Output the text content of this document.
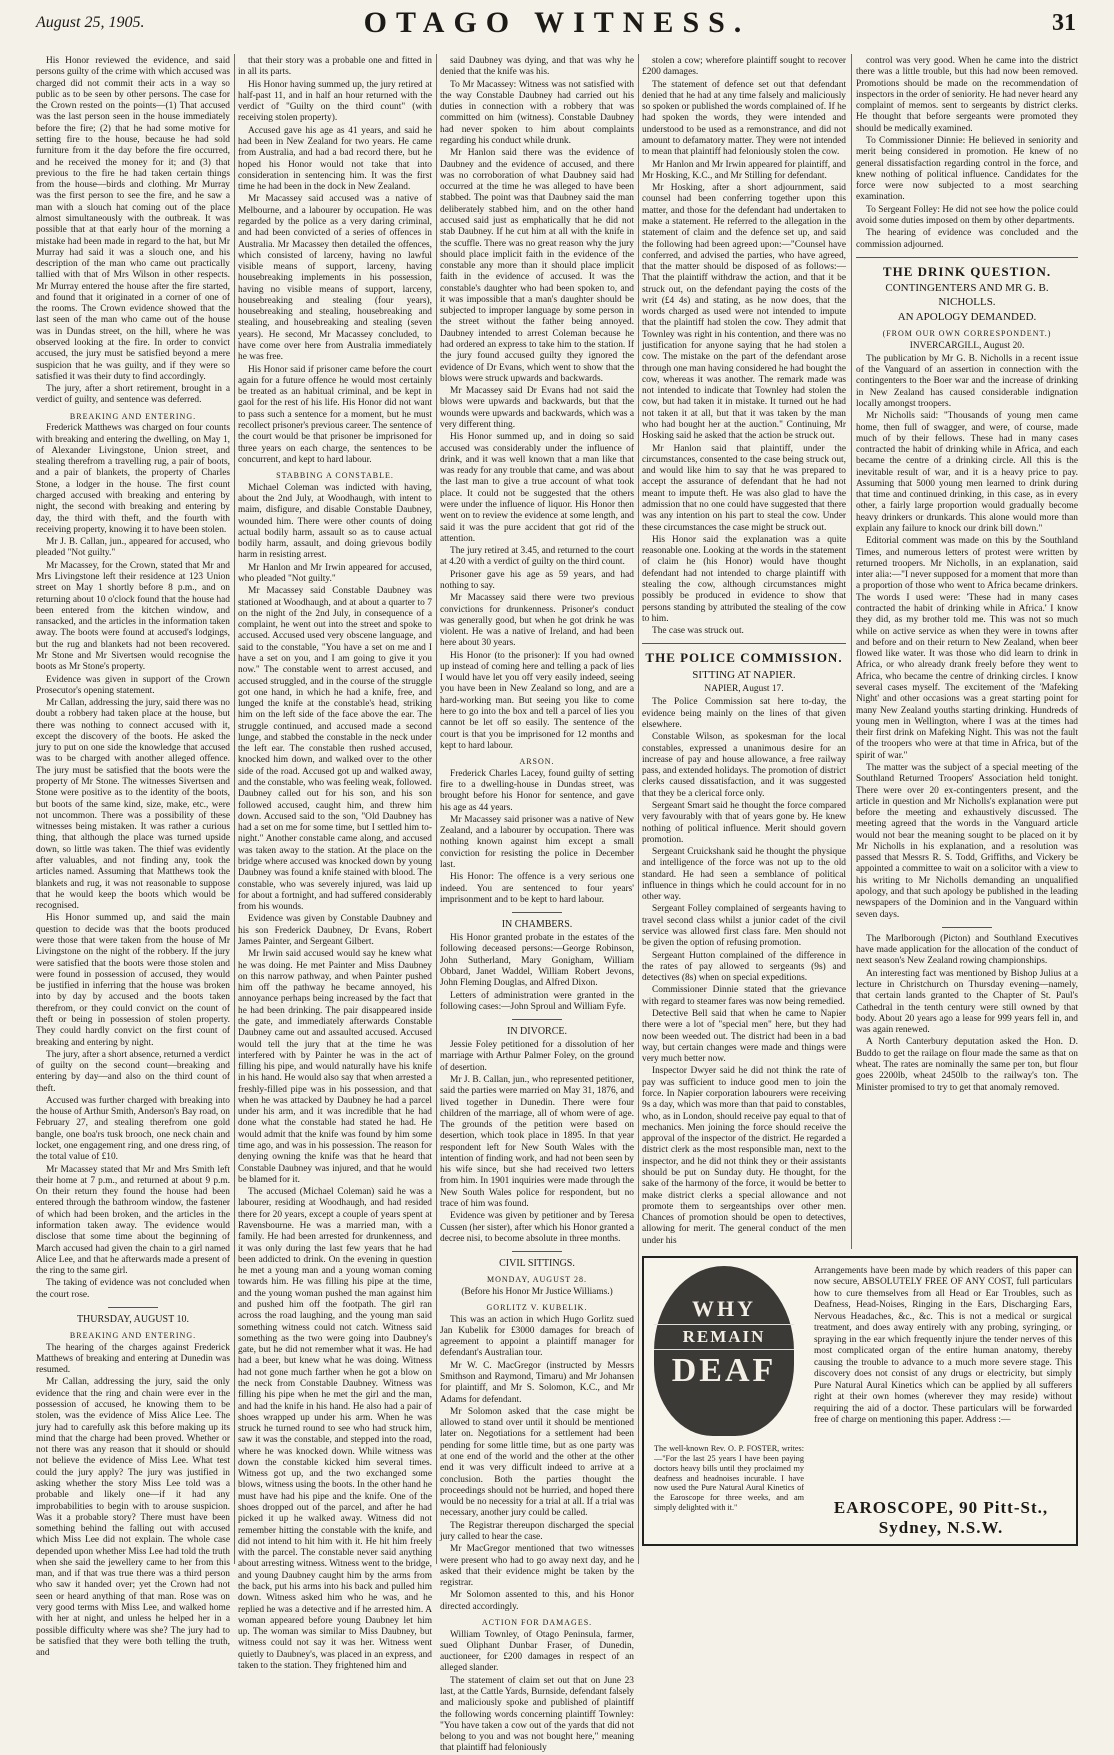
August 25, 1905.	OTAGO WITNESS.	31

His Honor reviewed the evidence, and said persons guilty of the crime with which accused was charged did not commit their acts in a way so public as to be seen by other persons. The case for the Crown rested on the points—(1) That accused was the last person seen in the house immediately before the fire; (2) that he had some motive for setting fire to the house, because he had sold furniture from it the day before the fire occurred, and he received the money for it; and (3) that previous to the fire he had taken certain things from the house—birds and clothing. Mr Murray was the first person to see the fire, and he saw a man with a slouch hat coming out of the place almost simultaneously with the outbreak. It was possible that at that early hour of the morning a mistake had been made in regard to the hat, but Mr Murray had said it was a slouch one, and his description of the man who came out practically tallied with that of Mrs Wilson in other respects. Mr Murray entered the house after the fire started, and found that it originated in a corner of one of the rooms. The Crown evidence showed that the last seen of the man who came out of the house was in Dundas street, on the hill, where he was observed looking at the fire. In order to convict accused, the jury must be satisfied beyond a mere suspicion that he was guilty, and if they were so satisfied it was their duty to find accordingly.

The jury, after a short retirement, brought in a verdict of guilty, and sentence was deferred.

BREAKING AND ENTERING.

Frederick Matthews was charged on four counts with breaking and entering the dwelling, on May 1, of Alexander Livingstone, Union street, and stealing therefrom a travelling rug, a pair of boots, and a pair of blankets, the property of Charles Stone, a lodger in the house. The first count charged accused with breaking and entering by night, the second with breaking and entering by day, the third with theft, and the fourth with receiving property, knowing it to have been stolen.

Mr J. B. Callan, jun., appeared for accused, who pleaded "Not guilty."

Mr Macassey, for the Crown, stated that Mr and Mrs Livingstone left their residence at 123 Union street on May 1 shortly before 8 p.m., and on returning about 10 o'clock found that the house had been entered from the kitchen window, and ransacked, and the articles in the information taken away. The boots were found at accused's lodgings, but the rug and blankets had not been recovered. Mr Stone and Mr Sivertsen would recognise the boots as Mr Stone's property.

Evidence was given in support of the Crown Prosecutor's opening statement.

Mr Callan, addressing the jury, said there was no doubt a robbery had taken place at the house, but there was nothing to connect accused with it, except the discovery of the boots. He asked the jury to put on one side the knowledge that accused was to be charged with another alleged offence. The jury must be satisfied that the boots were the property of Mr Stone. The witnesses Sivertsen and Stone were positive as to the identity of the boots, but boots of the same kind, size, make, etc., were not uncommon. There was a possibility of these witnesses being mistaken. It was rather a curious thing, that although the place was turned upside down, so little was taken. The thief was evidently after valuables, and not finding any, took the articles named. Assuming that Matthews took the blankets and rug, it was not reasonable to suppose that he would keep the boots which would be recognised.

His Honor summed up, and said the main question to decide was that the boots produced were those that were taken from the house of Mr Livingstone on the night of the robbery. If the jury were satisfied that the boots were those stolen and were found in possession of accused, they would be justified in inferring that the house was broken into by day by accused and the boots taken therefrom, or they could convict on the count of theft or being in possession of stolen property. They could hardly convict on the first count of breaking and entering by night.

The jury, after a short absence, returned a verdict of guilty on the second count—breaking and entering by day—and also on the third count of theft.

Accused was further charged with breaking into the house of Arthur Smith, Anderson's Bay road, on February 27, and stealing therefrom one gold bangle, one boa'rs tusk brooch, one neck chain and locket, one engagement ring, and one dress ring, of the total value of £10.

Mr Macassey stated that Mr and Mrs Smith left their home at 7 p.m., and returned at about 9 p.m. On their return they found the house had been entered through the bathroom window, the fastener of which had been broken, and the articles in the information taken away. The evidence would disclose that some time about the beginning of March accused had given the chain to a girl named Alice Lee, and that he afterwards made a present of the ring to the same girl.

The taking of evidence was not concluded when the court rose.

THURSDAY, AUGUST 10.
BREAKING AND ENTERING.

The hearing of the charges against Frederick Matthews of breaking and entering at Dunedin was resumed.

Mr Callan, addressing the jury, said the only evidence that the ring and chain were ever in the possession of accused, he knowing them to be stolen, was the evidence of Miss Alice Lee. The jury had to carefully ask this before making up its mind that the charge had been proved. Whether or not there was any reason that it should or should not believe the evidence of Miss Lee. What test could the jury apply? The jury was justified in asking whether the story Miss Lee told was a probable and likely one—if it had any improbabilities to begin with to arouse suspicion. Was it a probable story? There must have been something behind the falling out with accused which Miss Lee did not explain. The whole case depended upon whether Miss Lee had told the truth when she said the jewellery came to her from this man, and if that was true there was a third person who saw it handed over; yet the Crown had not seen or heard anything of that man. Rose was on very good terms with Miss Lee, and walked home with her at night, and unless he helped her in a possible difficulty where was she? The jury had to be satisfied that they were both telling the truth, and

that their story was a probable one and fitted in in all its parts.

His Honor having summed up, the jury retired at half-past 11, and in half an hour returned with the verdict of "Guilty on the third count" (with receiving stolen property).

Accused gave his age as 41 years, and said he had been in New Zealand for two years. He came from Australia, and had a bad record there, but he hoped his Honor would not take that into consideration in sentencing him. It was the first time he had been in the dock in New Zealand.

Mr Macassey said accused was a native of Melbourne, and a labourer by occupation. He was regarded by the police as a very daring criminal, and had been convicted of a series of offences in Australia. Mr Macassey then detailed the offences, which consisted of larceny, having no lawful visible means of support, larceny, having housebreaking implements in his possession, having no visible means of support, larceny, housebreaking and stealing (four years), housebreaking and stealing, housebreaking and stealing, and housebreaking and stealing (seven years). He second, Mr Macassey concluded, to have come over here from Australia immediately he was free.

His Honor said if prisoner came before the court again for a future offence he would most certainly be treated as an habitual criminal, and be kept in gaol for the rest of his life. His Honor did not want to pass such a sentence for a moment, but he must recollect prisoner's previous career. The sentence of the court would be that prisoner be imprisoned for three years on each charge, the sentences to be concurrent, and kept to hard labour.

STABBING A CONSTABLE.

Michael Coleman was indicted with having, about the 2nd July, at Woodhaugh, with intent to maim, disfigure, and disable Constable Daubney, wounded him. There were other counts of doing actual bodily harm, assault so as to cause actual bodily harm, assault, and doing grievous bodily harm in resisting arrest.

Mr Hanlon and Mr Irwin appeared for accused, who pleaded "Not guilty."

Mr Macassey said Constable Daubney was stationed at Woodhaugh, and at about a quarter to 7 on the night of the 2nd July, in consequence of a complaint, he went out into the street and spoke to accused. Accused used very obscene language, and said to the constable, "You have a set on me and I have a set on you, and I am going to give it you now." The constable went to arrest accused, and accused struggled, and in the course of the struggle got one hand, in which he had a knife, free, and lunged the knife at the constable's head, striking him on the left side of the face above the ear. The struggle continued, and accused made a second lunge, and stabbed the constable in the neck under the left ear. The constable then rushed accused, knocked him down, and walked over to the other side of the road. Accused got up and walked away, and the constable, who was feeling weak, followed. Daubney called out for his son, and his son followed accused, caught him, and threw him down. Accused said to the son, "Old Daubney has had a set on me for some time, but I settled him to-night." Another constable came along, and accused was taken away to the station. At the place on the bridge where accused was knocked down by young Daubney was found a knife stained with blood. The constable, who was severely injured, was laid up for about a fortnight, and had suffered considerably from his wounds.

Evidence was given by Constable Daubney and his son Frederick Daubney, Dr Evans, Robert James Painter, and Sergeant Gilbert.

Mr Irwin said accused would say he knew what he was doing. He met Painter and Miss Daubney on this narrow pathway, and when Painter pushed him off the pathway he became annoyed, his annoyance perhaps being increased by the fact that he had been drinking. The pair disappeared inside the gate, and immediately afterwards Constable Daubney came out and assaulted accused. Accused would tell the jury that at the time he was interfered with by Painter he was in the act of filling his pipe, and would naturally have his knife in his hand. He would also say that when arrested a freshly-filled pipe was in his possession, and that when he was attacked by Daubney he had a parcel under his arm, and it was incredible that he had done what the constable had stated he had. He would admit that the knife was found by him some time ago, and was in his possession. The reason for denying owning the knife was that he heard that Constable Daubney was injured, and that he would be blamed for it.

The accused (Michael Coleman) said he was a labourer, residing at Woodhaugh, and had resided there for 20 years, except a couple of years spent at Ravensbourne. He was a married man, with a family. He had been arrested for drunkenness, and it was only during the last few years that he had been addicted to drink. On the evening in question he met a young man and a young woman coming towards him. He was filling his pipe at the time, and the young woman pushed the man against him and pushed him off the footpath. The girl ran across the road laughing, and the young man said something witness could not catch. Witness said something as the two were going into Daubney's gate, but he did not remember what it was. He had had a beer, but knew what he was doing. Witness had not gone much farther when he got a blow on the neck from Constable Daubney. Witness was filling his pipe when he met the girl and the man, and had the knife in his hand. He also had a pair of shoes wrapped up under his arm. When he was struck he turned round to see who had struck him, saw it was the constable, and stepped into the road, where he was knocked down. While witness was down the constable kicked him several times. Witness got up, and the two exchanged some blows, witness using the boots. In the other hand he must have had his pipe and the knife. One of the shoes dropped out of the parcel, and after he had picked it up he walked away. Witness did not remember hitting the constable with the knife, and did not intend to hit him with it. He hit him freely with the parcel. The constable never said anything about arresting witness. Witness went to the bridge, and young Daubney caught him by the arms from the back, put his arms into his back and pulled him down. Witness asked him who he was, and he replied he was a detective and if he arrested him. A woman appeared before young Daubney let him up. The woman was similar to Miss Daubney, but witness could not say it was her. Witness went quietly to Daubney's, was placed in an express, and taken to the station. They frightened him and

said Daubney was dying, and that was why he denied that the knife was his.

To Mr Macassey: Witness was not satisfied with the way Constable Daubney had carried out his duties in connection with a robbery that was committed on him (witness). Constable Daubney had never spoken to him about complaints regarding his conduct while drunk.

Mr Hanlon said there was the evidence of Daubney and the evidence of accused, and there was no corroboration of what Daubney said had occurred at the time he was alleged to have been stabbed. The point was that Daubney said the man deliberately stabbed him, and on the other hand accused said just as emphatically that he did not stab Daubney. If he cut him at all with the knife in the scuffle. There was no great reason why the jury should place implicit faith in the evidence of the constable any more than it should place implicit faith in the evidence of accused. It was the constable's daughter who had been spoken to, and it was impossible that a man's daughter should be subjected to improper language by some person in the street without the father being annoyed. Daubney intended to arrest Coleman because he had ordered an express to take him to the station. If the jury found accused guilty they ignored the evidence of Dr Evans, which went to show that the blows were struck upwards and backwards.

Mr Macassey said Dr Evans had not said the blows were upwards and backwards, but that the wounds were upwards and backwards, which was a very different thing.

His Honor summed up, and in doing so said accused was considerably under the influence of drink, and it was well known that a man like that was ready for any trouble that came, and was about the last man to give a true account of what took place. It could not be suggested that the others were under the influence of liquor. His Honor then went on to review the evidence at some length, and said it was the pure accident that got rid of the attention.

The jury retired at 3.45, and returned to the court at 4.20 with a verdict of guilty on the third count.

Prisoner gave his age as 59 years, and had nothing to say.

Mr Macassey said there were two previous convictions for drunkenness. Prisoner's conduct was generally good, but when he got drink he was violent. He was a native of Ireland, and had been here about 30 years.

His Honor (to the prisoner): If you had owned up instead of coming here and telling a pack of lies I would have let you off very easily indeed, seeing you have been in New Zealand so long, and are a hard-working man. But seeing you like to come here to go into the box and tell a parcel of lies you cannot be let off so easily. The sentence of the court is that you be imprisoned for 12 months and kept to hard labour.

ARSON.

Frederick Charles Lacey, found guilty of setting fire to a dwelling-house in Dundas street, was brought before his Honor for sentence, and gave his age as 44 years.

Mr Macassey said prisoner was a native of New Zealand, and a labourer by occupation. There was nothing known against him except a small conviction for resisting the police in December last.

His Honor: The offence is a very serious one indeed. You are sentenced to four years' imprisonment and to be kept to hard labour.

IN CHAMBERS.

His Honor granted probate in the estates of the following deceased persons:—George Robinson, John Sutherland, Mary Gonigham, William Obbard, Janet Waddel, William Robert Jevons, John Fleming Douglas, and Alfred Dixon.

Letters of administration were granted in the following cases:—John Sproul and William Fyfe.

IN DIVORCE.

Jessie Foley petitioned for a dissolution of her marriage with Arthur Palmer Foley, on the ground of desertion.

Mr J. B. Callan, jun., who represented petitioner, said the parties were married on May 31, 1876, and lived together in Dunedin. There were four children of the marriage, all of whom were of age. The grounds of the petition were based on desertion, which took place in 1895. In that year respondent left for New South Wales with the intention of finding work, and had not been seen by his wife since, but she had received two letters from him. In 1901 inquiries were made through the New South Wales police for respondent, but no trace of him was found.

Evidence was given by petitioner and by Teresa Cussen (her sister), after which his Honor granted a decree nisi, to become absolute in three months.

CIVIL SITTINGS.
MONDAY, AUGUST 28.
(Before his Honor Mr Justice Williams.)
GORLITZ V. KUBELIK.

This was an action in which Hugo Gorlitz sued Jan Kubelik for £3000 damages for breach of agreement to appoint a plaintiff manager for defendant's Australian tour.

Mr W. C. MacGregor (instructed by Messrs Smithson and Raymond, Timaru) and Mr Johansen for plaintiff, and Mr S. Solomon, K.C., and Mr Adams for defendant.

Mr Solomon asked that the case might be allowed to stand over until it should be mentioned later on. Negotiations for a settlement had been pending for some little time, but as one party was at one end of the world and the other at the other end it was very difficult indeed to arrive at a conclusion. Both the parties thought the proceedings should not be hurried, and hoped there would be no necessity for a trial at all. If a trial was necessary, another jury could be called.

The Registrar thereupon discharged the special jury called to hear the case.

Mr MacGregor mentioned that two witnesses were present who had to go away next day, and he asked that their evidence might be taken by the registrar.

Mr Solomon assented to this, and his Honor directed accordingly.

ACTION FOR DAMAGES.

William Townley, of Otago Peninsula, farmer, sued Oliphant Dunbar Fraser, of Dunedin, auctioneer, for £200 damages in respect of an alleged slander.

The statement of claim set out that on June 23 last, at the Cattle Yards, Burnside, defendant falsely and maliciously spoke and published of plaintiff the following words concerning plaintiff Townley: "You have taken a cow out of the yards that did not belong to you and was not bought here," meaning that plaintiff had feloniously

stolen a cow; wherefore plaintiff sought to recover £200 damages.

The statement of defence set out that defendant denied that he had at any time falsely and maliciously so spoken or published the words complained of. If he had spoken the words, they were intended and understood to be used as a remonstrance, and did not amount to defamatory matter. They were not intended to mean that plaintiff had feloniously stolen the cow.

Mr Hanlon and Mr Irwin appeared for plaintiff, and Mr Hosking, K.C., and Mr Stilling for defendant.

Mr Hosking, after a short adjournment, said counsel had been conferring together upon this matter, and those for the defendant had undertaken to make a statement. He referred to the allegation in the statement of claim and the defence set up, and said the following had been agreed upon:—"Counsel have conferred, and advised the parties, who have agreed, that the matter should be disposed of as follows:—That the plaintiff withdraw the action, and that it be struck out, on the defendant paying the costs of the writ (£4 4s) and stating, as he now does, that the words charged as used were not intended to impute that the plaintiff had stolen the cow. They admit that Townley was right in his contention, and there was no justification for anyone saying that he had stolen a cow. The mistake on the part of the defendant arose through one man having considered he had bought the cow, whereas it was another. The remark made was not intended to indicate that Townley had stolen the cow, but had taken it in mistake. It turned out he had not taken it at all, but that it was taken by the man who had bought her at the auction." Continuing, Mr Hosking said he asked that the action be struck out.

Mr Hanlon said that plaintiff, under the circumstances, consented to the case being struck out, and would like him to say that he was prepared to accept the assurance of defendant that he had not meant to impute theft. He was also glad to have the admission that no one could have suggested that there was any intention on his part to steal the cow. Under these circumstances the case might be struck out.

His Honor said the explanation was a quite reasonable one. Looking at the words in the statement of claim he (his Honor) would have thought defendant had not intended to charge plaintiff with stealing the cow, although circumstances might possibly be produced in evidence to show that persons standing by attributed the stealing of the cow to him.

The case was struck out.

THE POLICE COMMISSION.
SITTING AT NAPIER.
NAPIER, August 17.

The Police Commission sat here to-day, the evidence being mainly on the lines of that given elsewhere.

Constable Wilson, as spokesman for the local constables, expressed a unanimous desire for an increase of pay and house allowance, a free railway pass, and extended holidays. The promotion of district clerks caused dissatisfaction, and it was suggested that they be a clerical force only.

Sergeant Smart said he thought the force compared very favourably with that of years gone by. He knew nothing of political influence. Merit should govern promotion.

Sergeant Cruickshank said he thought the physique and intelligence of the force was not up to the old standard. He had seen a semblance of political influence in things which he could account for in no other way.

Sergeant Folley complained of sergeants having to travel second class whilst a junior cadet of the civil service was allowed first class fare. Men should not be given the option of refusing promotion.

Sergeant Hutton complained of the difference in the rates of pay allowed to sergeants (9s) and detectives (8s) when on special expeditions.

Commissioner Dinnie stated that the grievance with regard to steamer fares was now being remedied.

Detective Bell said that when he came to Napier there were a lot of "special men" here, but they had now been weeded out. The district had been in a bad way, but certain changes were made and things were very much better now.

Inspector Dwyer said he did not think the rate of pay was sufficient to induce good men to join the force. In Napier corporation labourers were receiving 9s a day, which was more than that paid to constables, who, as in London, should receive pay equal to that of mechanics. Men joining the force should receive the approval of the inspector of the district. He regarded a district clerk as the most responsible man, next to the inspector, and he did not think they or their assistants should be put on Sunday duty. He thought, for the sake of the harmony of the force, it would be better to make district clerks a special allowance and not promote them to sergeantships over other men. Chances of promotion should be open to detectives, allowing for merit. The general conduct of the men under his

control was very good. When he came into the district there was a little trouble, but this had now been removed. Promotions should be made on the recommendation of inspectors in the order of seniority. He had never heard any complaint of memos. sent to sergeants by district clerks. He thought that before sergeants were promoted they should be medically examined.

To Commissioner Dinnie: He believed in seniority and merit being considered in promotion. He knew of no general dissatisfaction regarding control in the force, and knew nothing of political influence. Candidates for the force were now subjected to a most searching examination.

To Sergeant Folley: He did not see how the police could avoid some duties imposed on them by other departments.

The hearing of evidence was concluded and the commission adjourned.

THE DRINK QUESTION.
CONTINGENTERS AND MR G. B. NICHOLLS.
AN APOLOGY DEMANDED.
(FROM OUR OWN CORRESPONDENT.)
INVERCARGILL, August 20.

The publication by Mr G. B. Nicholls in a recent issue of the Vanguard of an assertion in connection with the contingenters to the Boer war and the increase of drinking in New Zealand has caused considerable indignation locally amongst troopers.

Mr Nicholls said: "Thousands of young men came home, then full of swagger, and were, of course, made much of by their fellows. These had in many cases contracted the habit of drinking while in Africa, and each became the centre of a drinking circle. All this is the inevitable result of war, and it is a heavy price to pay. Assuming that 5000 young men learned to drink during that time and continued drinking, in this case, as in every other, a fairly large proportion would gradually become heavy drinkers or drunkards. This alone would more than explain any failure to knock our drink bill down."

Editorial comment was made on this by the Southland Times, and numerous letters of protest were written by returned troopers. Mr Nicholls, in an explanation, said inter alia:—"I never supposed for a moment that more than a proportion of those who went to Africa became drinkers. The words I used were: 'These had in many cases contracted the habit of drinking while in Africa.' I know they did, as my brother told me. This was not so much while on active service as when they were in towns after and before and on their return to New Zealand, when beer flowed like water. It was those who did learn to drink in Africa, or who already drank freely before they went to Africa, who became the centre of drinking circles. I know several cases myself. The excitement of the 'Mafeking Night' and other occasions was a great starting point for many New Zealand youths starting drinking. Hundreds of young men in Wellington, where I was at the times had their first drink on Mafeking Night. This was not the fault of the troopers who were at that time in Africa, but of the spirit of war."

The matter was the subject of a special meeting of the Southland Returned Troopers' Association held tonight. There were over 20 ex-contingenters present, and the article in question and Mr Nicholls's explanation were put before the meeting and exhaustively discussed. The meeting agreed that the words in the Vanguard article would not bear the meaning sought to be placed on it by Mr Nicholls in his explanation, and a resolution was passed that Messrs R. S. Todd, Griffiths, and Vickery be appointed a committee to wait on a solicitor with a view to his writing to Mr Nicholls demanding an unqualified apology, and that such apology be published in the leading newspapers of the Dominion and in the Vanguard within seven days.

The Marlborough (Picton) and Southland Executives have made application for the allocation of the conduct of next season's New Zealand rowing championships.

An interesting fact was mentioned by Bishop Julius at a lecture in Christchurch on Thursday evening—namely, that certain lands granted to the Chapter of St. Paul's Cathedral in the tenth century were still owned by that body. About 20 years ago a lease for 999 years fell in, and was again renewed.

A North Canterbury deputation asked the Hon. D. Buddo to get the railage on flour made the same as that on wheat. The rates are nominally the same per ton, but flour goes 2200lb, wheat 2450lb to the railway's ton. The Minister promised to try to get that anomaly removed.

WHY
REMAIN
DEAF
The well-known Rev. O. P. FOSTER, writes:—"For the last 25 years I have been paying doctors heavy bills until they proclaimed my deafness and headnoises incurable. I have now used the Pure Natural Aural Kinetics of the Earoscope for three weeks, and am simply delighted with it."
Arrangements have been made by which readers of this paper can now secure, ABSOLUTELY FREE OF ANY COST, full particulars how to cure themselves from all Head or Ear Troubles, such as Deafness, Head-Noises, Ringing in the Ears, Discharging Ears, Nervous Headaches, &c., &c. This is not a medical or surgical treatment, and does away entirely with any probing, syringing, or spraying in the ear which frequently injure the tender nerves of this most complicated organ of the entire human anatomy, thereby causing the trouble to advance to a much more severe stage. This discovery does not consist of any drugs or electricity, but simply Pure Natural Aural Kinetics which can be applied by all sufferers right at their own homes (wherever they may reside) without requiring the aid of a doctor. These particulars will be forwarded free of charge on mentioning this paper. Address :—
EAROSCOPE, 90 Pitt-St., Sydney, N.S.W.
